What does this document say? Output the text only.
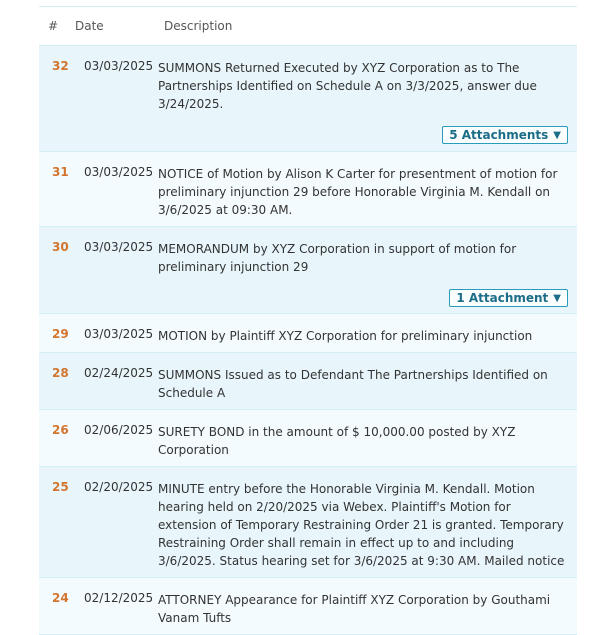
#	Date	Description
32 03/03/2025 SUMMONS Returned Executed by XYZ Corporation as to The Partnerships Identified on Schedule A on 3/3/2025, answer due 3/24/2025.
5 Attachments ▼
31 03/03/2025 NOTICE of Motion by Alison K Carter for presentment of motion for preliminary injunction 29 before Honorable Virginia M. Kendall on 3/6/2025 at 09:30 AM.
30 03/03/2025 MEMORANDUM by XYZ Corporation in support of motion for preliminary injunction 29
1 Attachment ▼
29 03/03/2025 MOTION by Plaintiff XYZ Corporation for preliminary injunction
28 02/24/2025 SUMMONS Issued as to Defendant The Partnerships Identified on Schedule A
26 02/06/2025 SURETY BOND in the amount of $ 10,000.00 posted by XYZ Corporation
25 02/20/2025 MINUTE entry before the Honorable Virginia M. Kendall. Motion hearing held on 2/20/2025 via Webex. Plaintiff's Motion for extension of Temporary Restraining Order 21 is granted. Temporary Restraining Order shall remain in effect up to and including 3/6/2025. Status hearing set for 3/6/2025 at 9:30 AM. Mailed notice
24 02/12/2025 ATTORNEY Appearance for Plaintiff XYZ Corporation by Gouthami Vanam Tufts
